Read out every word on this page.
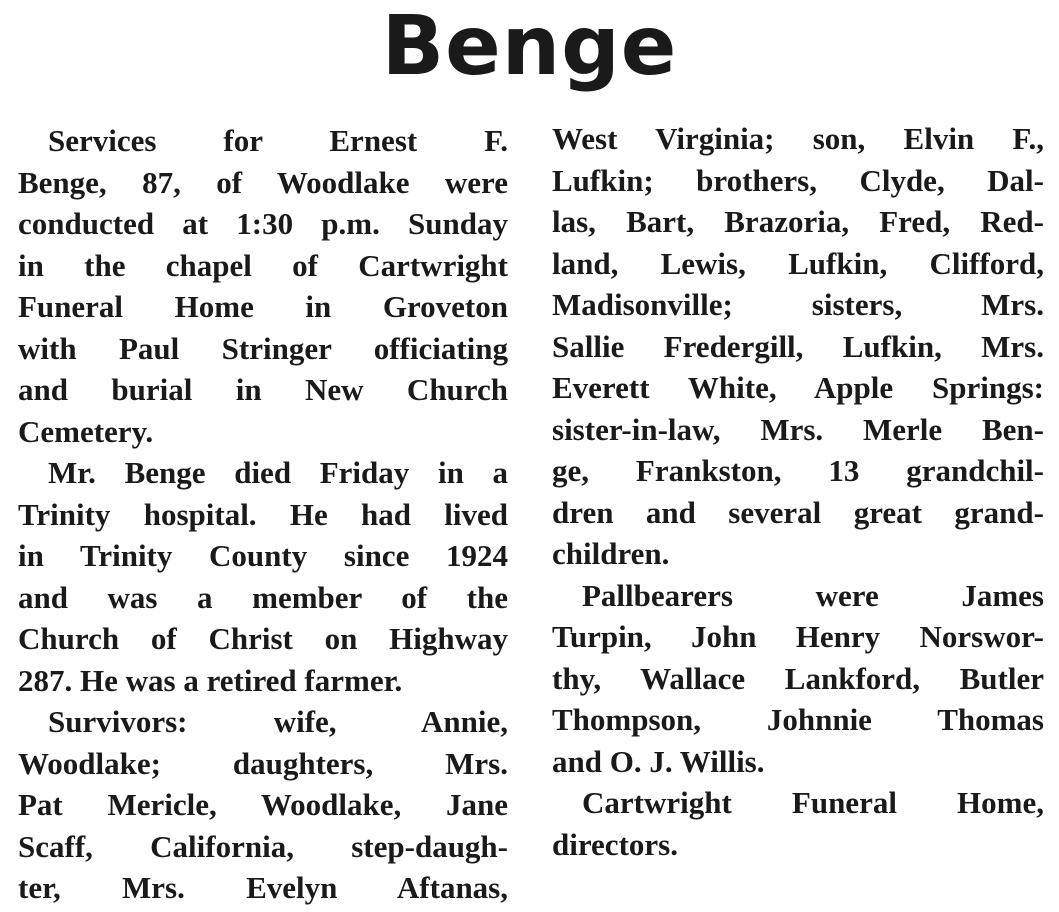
Benge
Services for Ernest F.
Benge, 87, of Woodlake were
conducted at 1:30 p.m. Sunday
in the chapel of Cartwright
Funeral Home in Groveton
with Paul Stringer officiating
and burial in New Church
Cemetery.
Mr. Benge died Friday in a
Trinity hospital. He had lived
in Trinity County since 1924
and was a member of the
Church of Christ on Highway
287. He was a retired farmer.
Survivors: wife, Annie,
Woodlake; daughters, Mrs.
Pat Mericle, Woodlake, Jane
Scaff, California, step-daugh-
ter, Mrs. Evelyn Aftanas,
West Virginia; son, Elvin F.,
Lufkin; brothers, Clyde, Dal-
las, Bart, Brazoria, Fred, Red-
land, Lewis, Lufkin, Clifford,
Madisonville; sisters, Mrs.
Sallie Fredergill, Lufkin, Mrs.
Everett White, Apple Springs:
sister-in-law, Mrs. Merle Ben-
ge, Frankston, 13 grandchil-
dren and several great grand-
children.
Pallbearers were James
Turpin, John Henry Norswor-
thy, Wallace Lankford, Butler
Thompson, Johnnie Thomas
and O. J. Willis.
Cartwright Funeral Home,
directors.
